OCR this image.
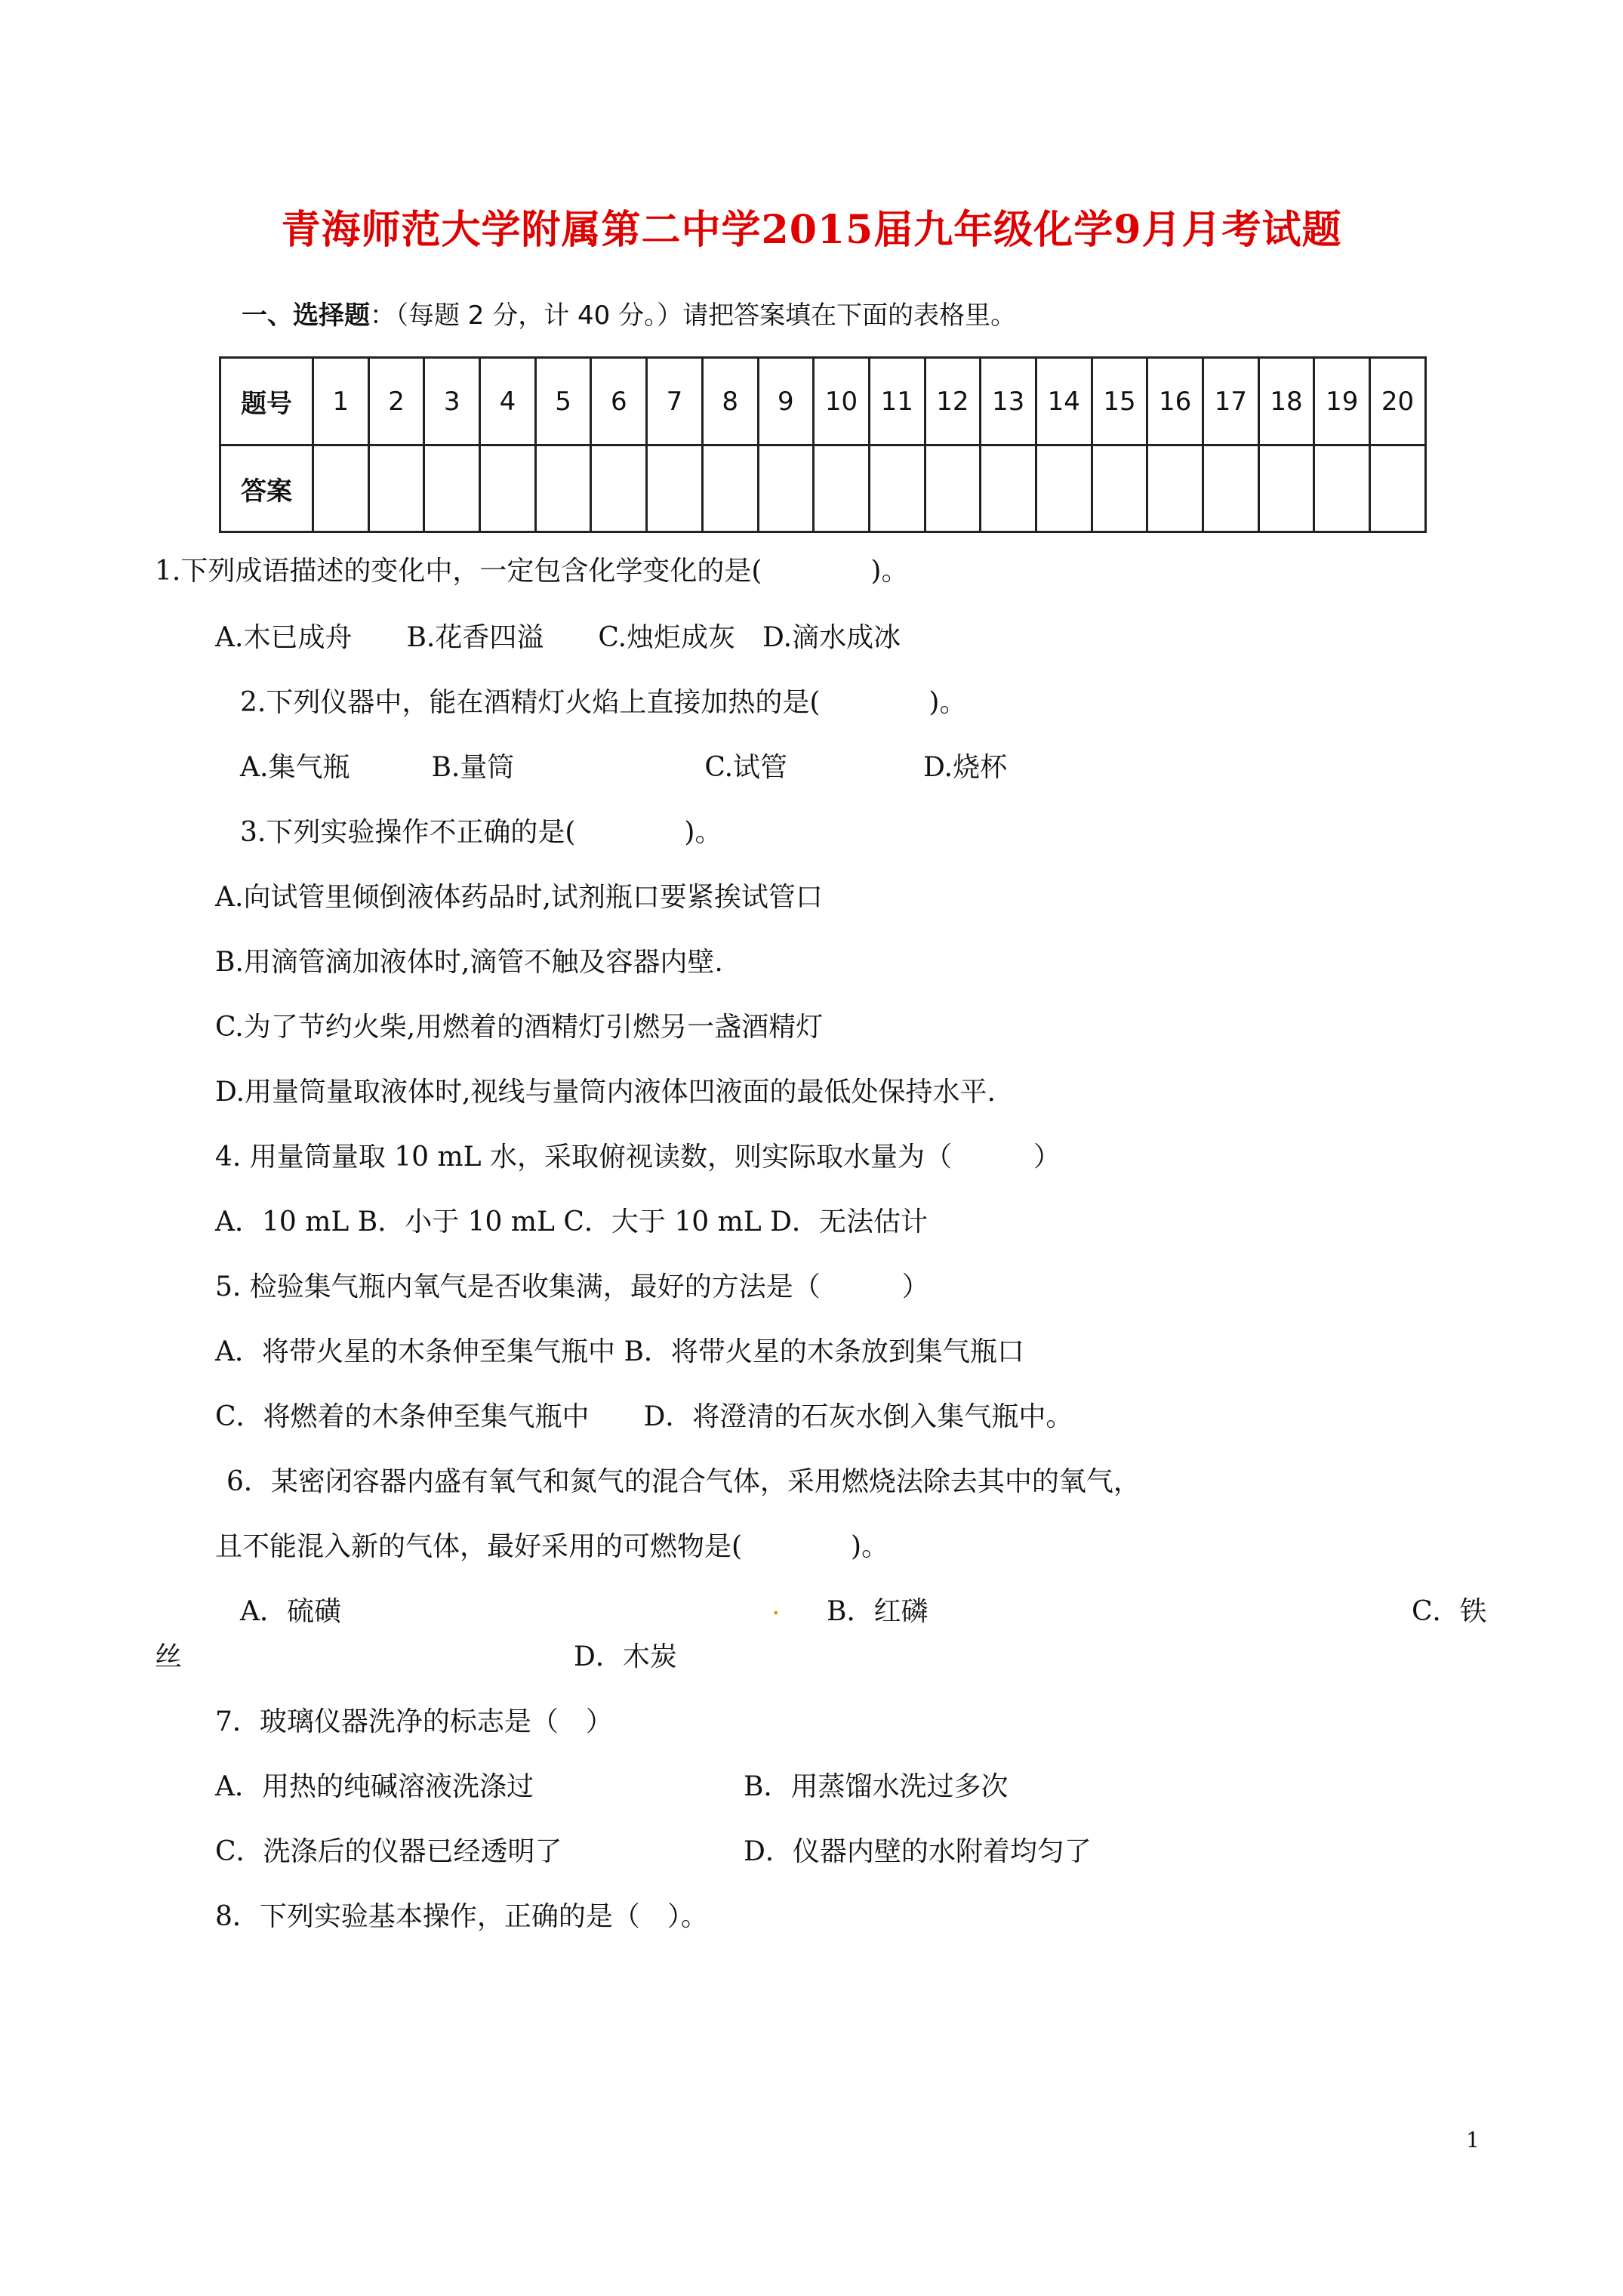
青海师范大学附属第二中学2015届九年级化学9月月考试题
一、选择题：（每题 2 分，计 40 分。）请把答案填在下面的表格里。
题号	1	2	3	4	5	6	7	8	9	10	11	12	13	14	15	16	17	18	19	20
答案																				
1.下列成语描述的变化中，一定包含化学变化的是(　　　　)。
A.木已成舟　　B.花香四溢　　C.烛炬成灰　D.滴水成冰
2.下列仪器中，能在酒精灯火焰上直接加热的是(　　　　)。
A.集气瓶　　　B.量筒　　　　　　　C.试管　　　　　D.烧杯
3.下列实验操作不正确的是(　　　　)。
A.向试管里倾倒液体药品时,试剂瓶口要紧挨试管口
B.用滴管滴加液体时,滴管不触及容器内壁.
C.为了节约火柴,用燃着的酒精灯引燃另一盏酒精灯
D.用量筒量取液体时,视线与量筒内液体凹液面的最低处保持水平.
4. 用量筒量取 10 mL 水，采取俯视读数，则实际取水量为（　　　）
A．10 mL B．小于 10 mL C．大于 10 mL D．无法估计
5. 检验集气瓶内氧气是否收集满，最好的方法是（　　　）
A．将带火星的木条伸至集气瓶中 B．将带火星的木条放到集气瓶口
C．将燃着的木条伸至集气瓶中　　D．将澄清的石灰水倒入集气瓶中。
6．某密闭容器内盛有氧气和氮气的混合气体，采用燃烧法除去其中的氧气，
且不能混入新的气体，最好采用的可燃物是(　　　　)。
A．硫磺	. B．红磷	C．铁
丝	D．木炭
7．玻璃仪器洗净的标志是（　）
A．用热的纯碱溶液洗涤过	B．用蒸馏水洗过多次
C．洗涤后的仪器已经透明了	D．仪器内壁的水附着均匀了
8．下列实验基本操作，正确的是（　）。
1
